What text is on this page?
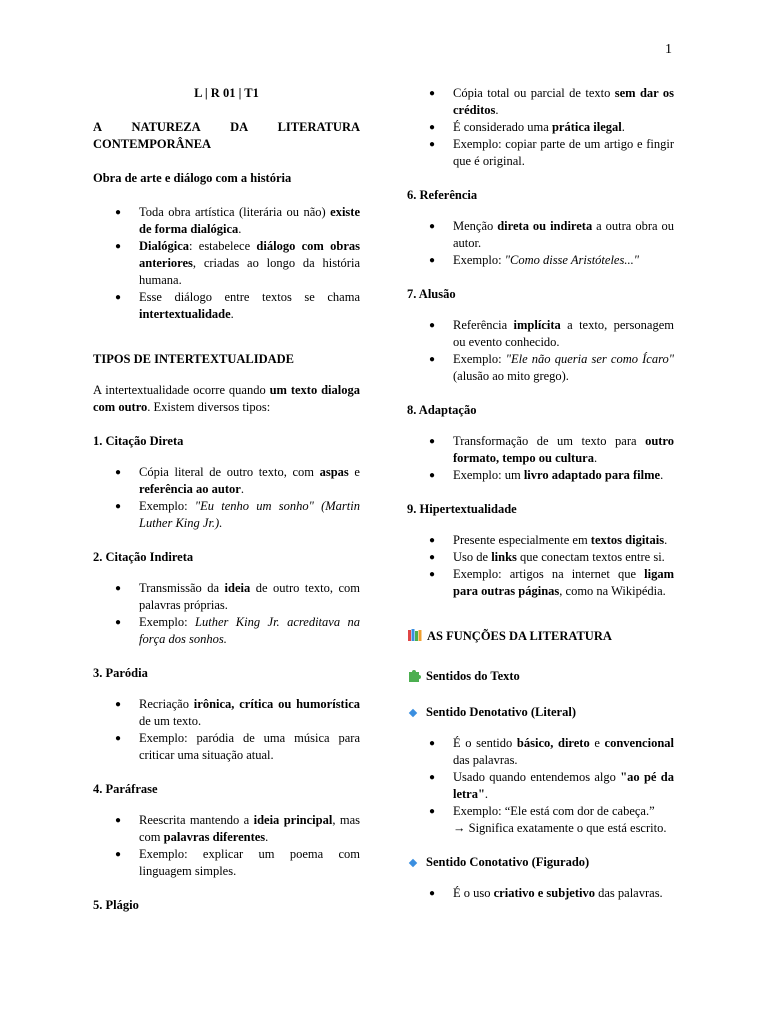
1
L | R 01 | T1
A NATUREZA DA LITERATURA
CONTEMPORÂNEA

Obra de arte e diálogo com a história

● Toda obra artística (literária ou não) existe de forma dialógica.
● Dialógica: estabelece diálogo com obras anteriores, criadas ao longo da história humana.
● Esse diálogo entre textos se chama intertextualidade.

TIPOS DE INTERTEXTUALIDADE

A intertextualidade ocorre quando um texto dialoga com outro. Existem diversos tipos:

1. Citação Direta

● Cópia literal de outro texto, com aspas e referência ao autor.
● Exemplo: "Eu tenho um sonho" (Martin Luther King Jr.).

2. Citação Indireta

● Transmissão da ideia de outro texto, com palavras próprias.
● Exemplo: Luther King Jr. acreditava na força dos sonhos.

3. Paródia

● Recriação irônica, crítica ou humorística de um texto.
● Exemplo: paródia de uma música para criticar uma situação atual.

4. Paráfrase

● Reescrita mantendo a ideia principal, mas com palavras diferentes.
● Exemplo: explicar um poema com linguagem simples.

5. Plágio

● Cópia total ou parcial de texto sem dar os créditos.
● É considerado uma prática ilegal.
● Exemplo: copiar parte de um artigo e fingir que é original.

6. Referência

● Menção direta ou indireta a outra obra ou autor.
● Exemplo: "Como disse Aristóteles..."

7. Alusão

● Referência implícita a texto, personagem ou evento conhecido.
● Exemplo: "Ele não queria ser como Ícaro" (alusão ao mito grego).

8. Adaptação

● Transformação de um texto para outro formato, tempo ou cultura.
● Exemplo: um livro adaptado para filme.

9. Hipertextualidade

● Presente especialmente em textos digitais.
● Uso de links que conectam textos entre si.
● Exemplo: artigos na internet que ligam para outras páginas, como na Wikipédia.

AS FUNÇÕES DA LITERATURA

Sentidos do Texto

Sentido Denotativo (Literal)

● É o sentido básico, direto e convencional das palavras.
● Usado quando entendemos algo "ao pé da letra".
● Exemplo: “Ele está com dor de cabeça.”
→ Significa exatamente o que está escrito.

Sentido Conotativo (Figurado)

● É o uso criativo e subjetivo das palavras.
